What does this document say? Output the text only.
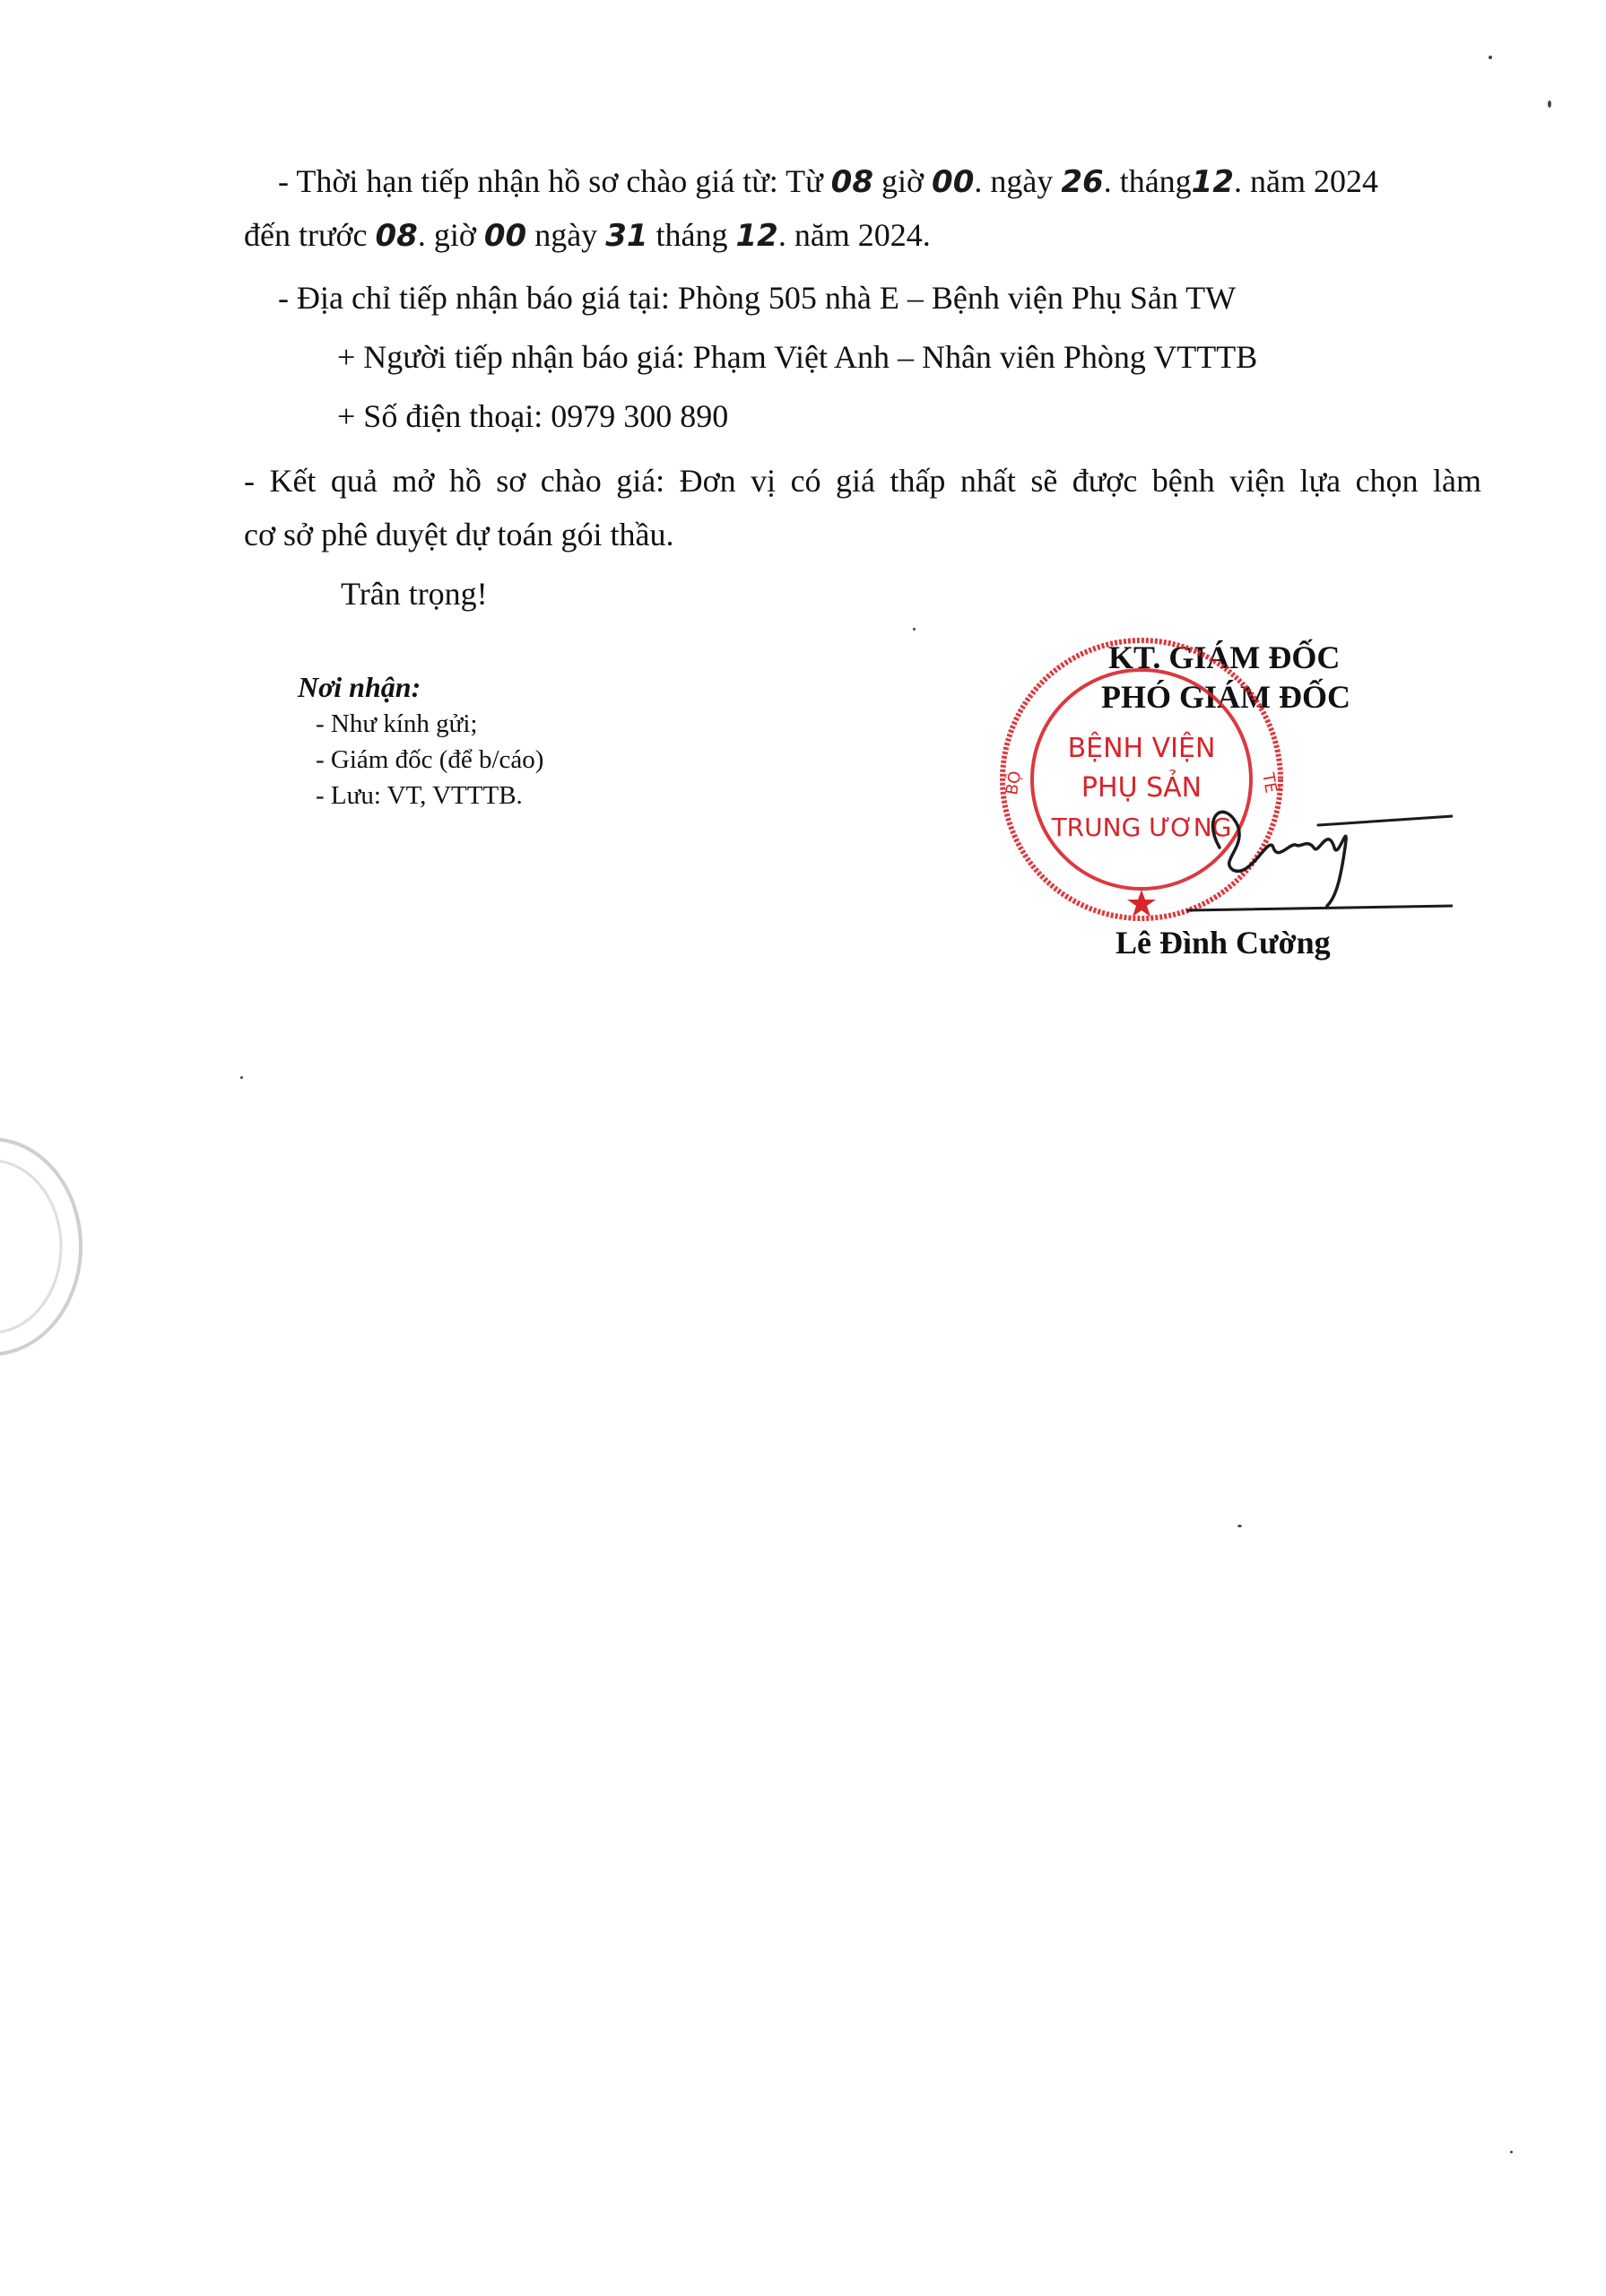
- Thời hạn tiếp nhận hồ sơ chào giá từ: Từ 08 giờ 00. ngày 26. tháng12. năm 2024
đến trước 08. giờ 00 ngày 31 tháng 12. năm 2024.
- Địa chỉ tiếp nhận báo giá tại: Phòng 505 nhà E – Bệnh viện Phụ Sản TW
+ Người tiếp nhận báo giá: Phạm Việt Anh – Nhân viên Phòng VTTTB
+ Số điện thoại: 0979 300 890
- Kết quả mở hồ sơ chào giá: Đơn vị có giá thấp nhất sẽ được bệnh viện lựa chọn làm
cơ sở phê duyệt dự toán gói thầu.
Trân trọng!
Nơi nhận:
- Như kính gửi;
- Giám đốc (để b/cáo)
- Lưu: VT, VTTTB.
KT. GIÁM ĐỐC
PHÓ GIÁM ĐỐC
BỆNH VIỆN
PHỤ SẢN
TRUNG ƯƠNG
BỘ	TẾ
Lê Đình Cường
